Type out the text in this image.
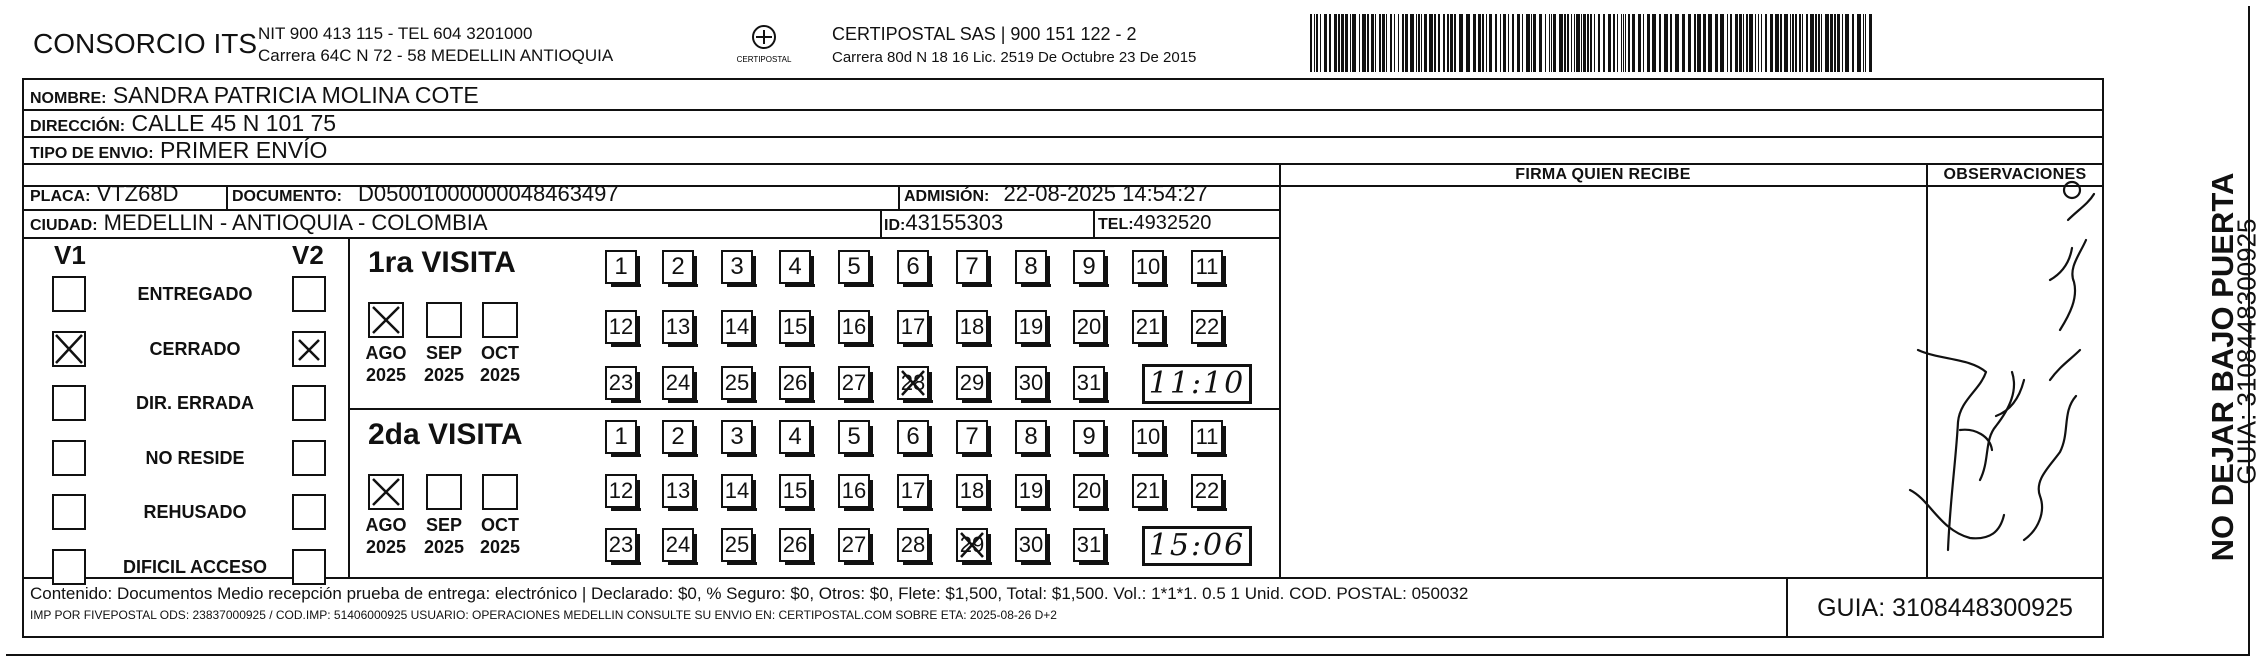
CONSORCIO ITS NIT 900 413 115 - TEL 604 3201000
Carrera 64C N 72 - 58 MEDELLIN ANTIOQUIA	CERTIPOSTAL
CERTIPOSTAL SAS | 900 151 122 - 2
Carrera 80d N 18 16 Lic. 2519 De Octubre 23 De 2015
NOMBRE: SANDRA PATRICIA MOLINA COTE
DIRECCIÓN: CALLE 45 N 101 75
TIPO DE ENVIO: PRIMER ENVÍO
PLACA: VTZ68D	DOCUMENTO: D05001000000048463497	ADMISIÓN: 22-08-2025 14:54:27
CIUDAD: MEDELLIN - ANTIOQUIA - COLOMBIA	ID:43155303	TEL:4932520
FIRMA QUIEN RECIBE	OBSERVACIONES
V1	V2
ENTREGADO
CERRADO
DIR. ERRADA
NO RESIDE
REHUSADO
DIFICIL ACCESO
1ra VISITA
AGO
2025
SEP
2025
OCT
2025
1	2	3	4	5	6	7	8	9	10 11
12 13 14 15 16 17 18 19 20 21 22
23 24 25 26 27 28 29 30 31 11:10
2da VISITA
AGO
2025
SEP
2025
OCT
2025
1	2	3	4	5	6	7	8	9	10 11
12 13 14 15 16 17 18 19 20 21 22
23 24 25 26 27 28 29 30 31 15:06
Contenido: Documentos Medio recepción prueba de entrega: electrónico | Declarado: $0, % Seguro: $0, Otros: $0, Flete: $1,500, Total: $1,500. Vol.: 1*1*1. 0.5 1 Unid. COD. POSTAL: 050032
IMP POR FIVEPOSTAL ODS: 23837000925 / COD.IMP: 51406000925 USUARIO: OPERACIONES MEDELLIN CONSULTE SU ENVIO EN: CERTIPOSTAL.COM SOBRE ETA: 2025-08-26 D+2	GUIA: 3108448300925
NO DEJAR BAJO PUERTA
GUIA: 3108448300925
